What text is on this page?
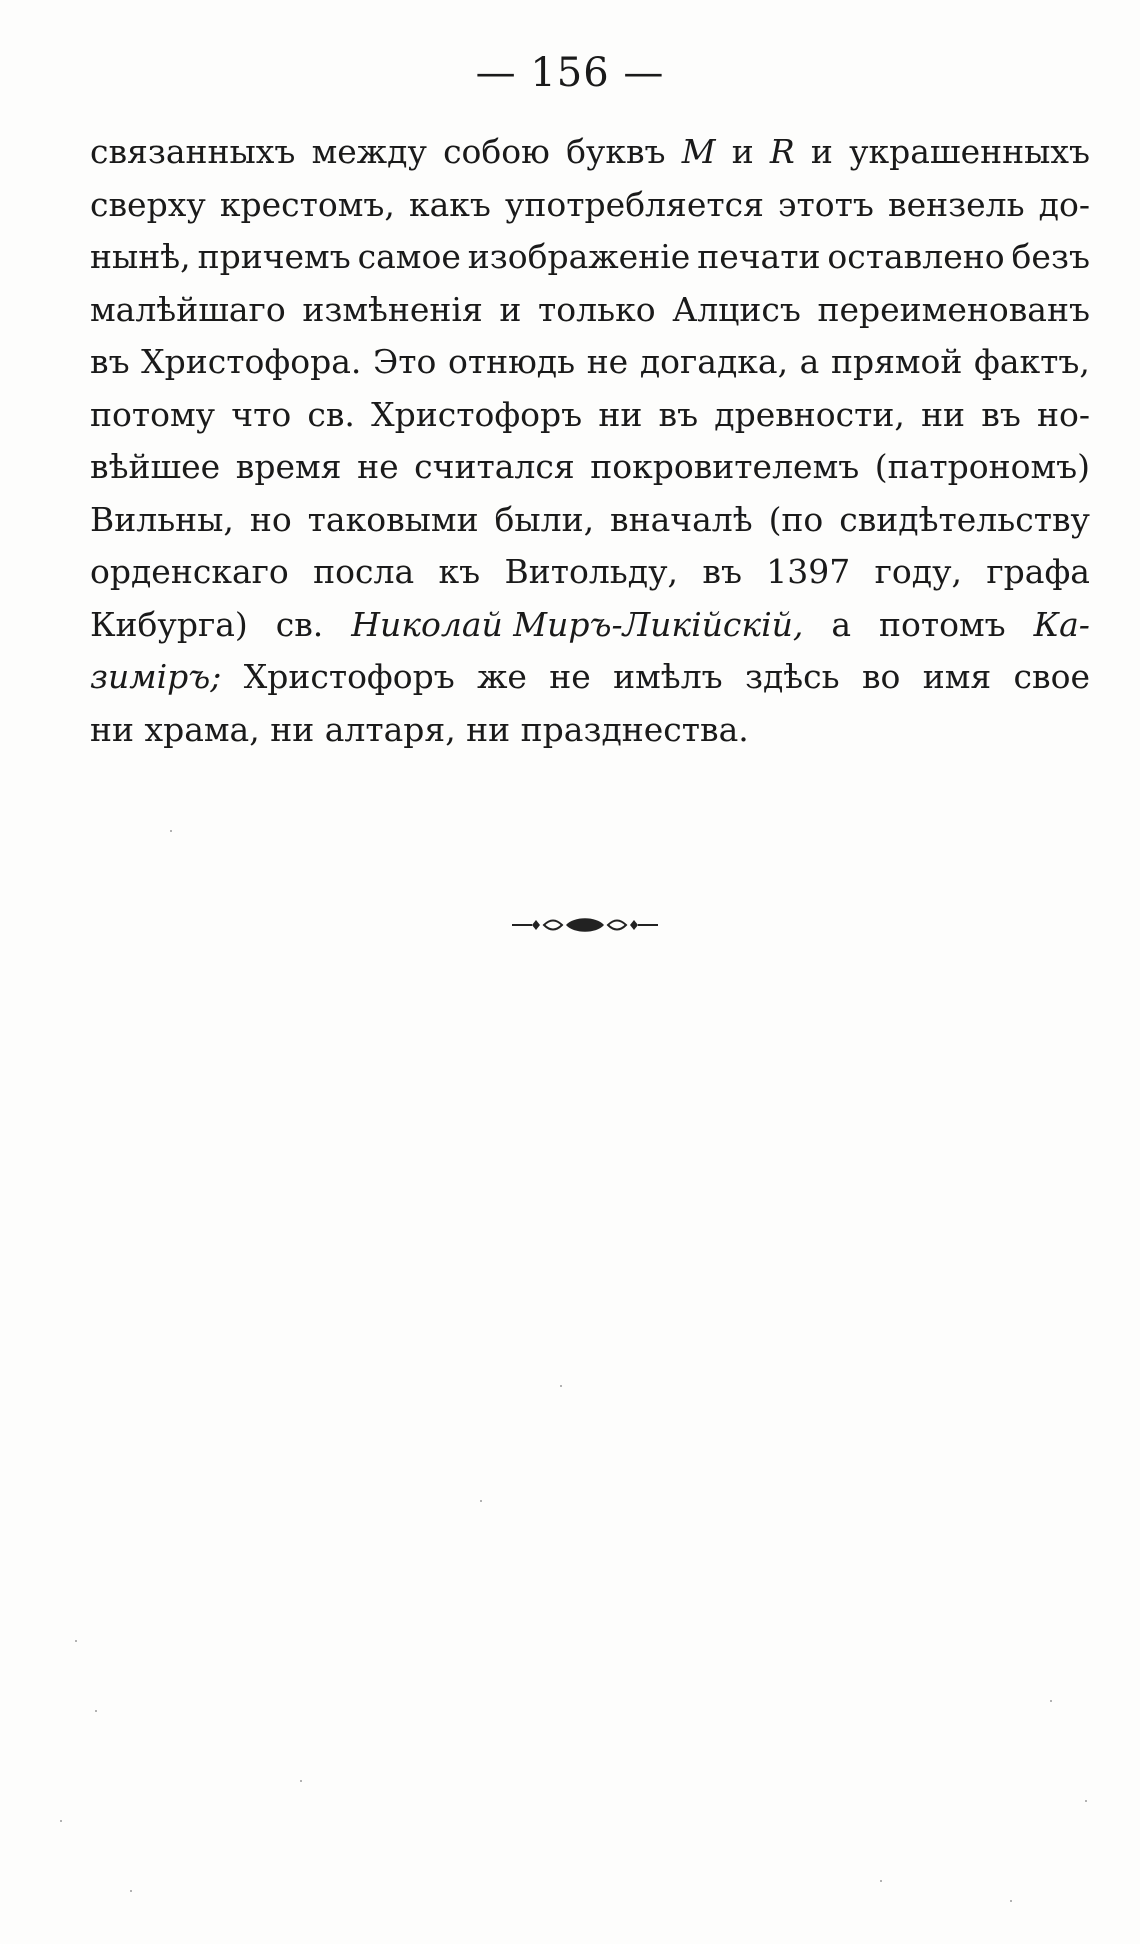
— 156 —
связанныхъ между собою буквъ M и R и украшенныхъ
сверху крестомъ, какъ употребляется этотъ вензель до-
нынѣ, причемъ самое изображенiе печати оставлено безъ
малѣйшаго измѣненiя и только Алцисъ переименованъ
въ Христофора. Это отнюдь не догадка, а прямой фактъ,
потому что св. Христофоръ ни въ древности, ни въ но-
вѣйшее время не считался покровителемъ (патрономъ)
Вильны, но таковыми были, вначалѣ (по свидѣтельству
орденскаго посла къ Витольду, въ 1397 году, графа
Кибурга) св. Николай Миръ-Ликiйскiй, а потомъ Ка-
зимiръ; Христофоръ же не имѣлъ здѣсь во имя свое
ни храма, ни алтаря, ни празднества.
